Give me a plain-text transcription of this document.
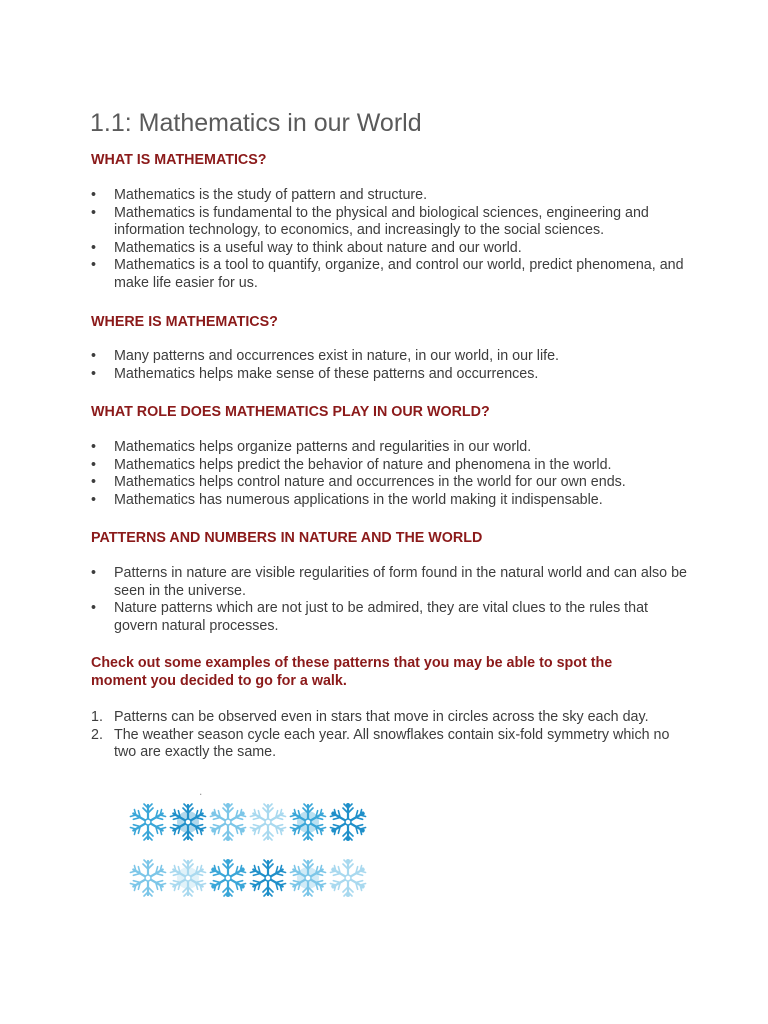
1.1: Mathematics in our World
WHAT IS MATHEMATICS?
•	Mathematics is the study of pattern and structure.
•	Mathematics is fundamental to the physical and biological sciences, engineering and information technology, to economics, and increasingly to the social sciences.
•	Mathematics is a useful way to think about nature and our world.
•	Mathematics is a tool to quantify, organize, and control our world, predict phenomena, and make life easier for us.
WHERE IS MATHEMATICS?
•	Many patterns and occurrences exist in nature, in our world, in our life.
•	Mathematics helps make sense of these patterns and occurrences.
WHAT ROLE DOES MATHEMATICS PLAY IN OUR WORLD?
•	Mathematics helps organize patterns and regularities in our world.
•	Mathematics helps predict the behavior of nature and phenomena in the world.
•	Mathematics helps control nature and occurrences in the world for our own ends.
•	Mathematics has numerous applications in the world making it indispensable.
PATTERNS AND NUMBERS IN NATURE AND THE WORLD
•	Patterns in nature are visible regularities of form found in the natural world and can also be seen in the universe.
•	Nature patterns which are not just to be admired, they are vital clues to the rules that govern natural processes.
Check out some examples of these patterns that you may be able to spot the moment you decided to go for a walk.
1. Patterns can be observed even in stars that move in circles across the sky each day.
2. The weather season cycle each year. All snowflakes contain six-fold symmetry which no two are exactly the same.
.
